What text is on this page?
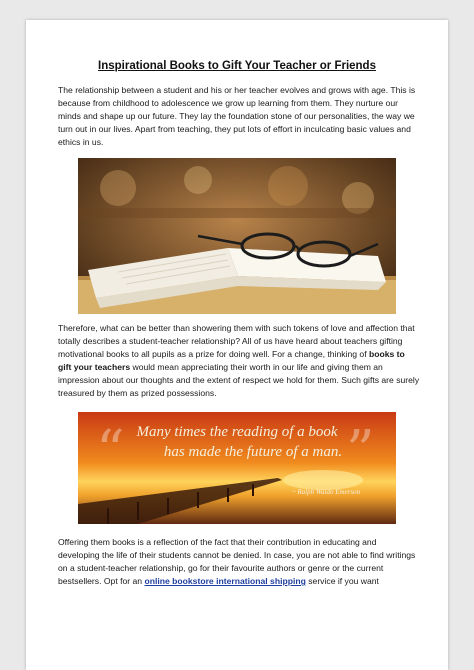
Inspirational Books to Gift Your Teacher or Friends
The relationship between a student and his or her teacher evolves and grows with age. This is because from childhood to adolescence we grow up learning from them. They nurture our minds and shape up our future. They lay the foundation stone of our personalities, the way we turn out in our lives. Apart from teaching, they put lots of effort in inculcating basic values and ethics in us.
Therefore, what can be better than showering them with such tokens of love and affection that totally describes a student-teacher relationship? All of us have heard about teachers gifting motivational books to all pupils as a prize for doing well. For a change, thinking of books to gift your teachers would mean appreciating their worth in our life and giving them an impression about our thoughts and the extent of respect we hold for them. Such gifts are surely treasured by them as prized possessions.
“	”
Many times the reading of a book
has made the future of a man.
~ Ralph Waldo Emerson
Offering them books is a reflection of the fact that their contribution in educating and developing the life of their students cannot be denied. In case, you are not able to find writings on a student-teacher relationship, go for their favourite authors or genre or the current bestsellers. Opt for an online bookstore international shipping service if you want
